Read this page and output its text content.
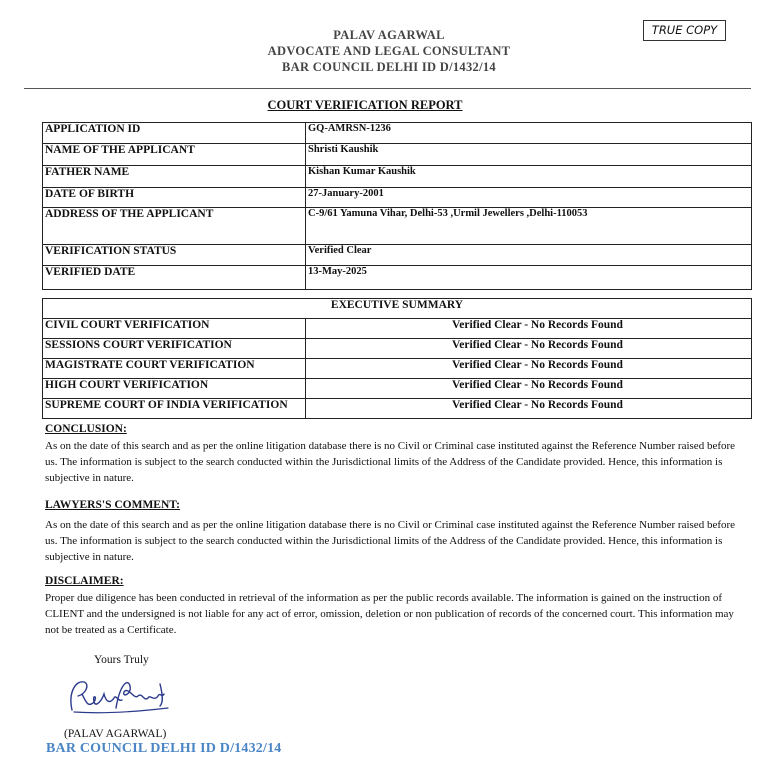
PALAV AGARWAL
ADVOCATE AND LEGAL CONSULTANT
BAR COUNCIL DELHI ID D/1432/14
TRUE COPY
COURT VERIFICATION REPORT
APPLICATION ID	GQ-AMRSN-1236
NAME OF THE APPLICANT	Shristi Kaushik
FATHER NAME	Kishan Kumar Kaushik
DATE OF BIRTH	27-January-2001
ADDRESS OF THE APPLICANT	C-9/61 Yamuna Vihar, Delhi-53 ,Urmil Jewellers ,Delhi-110053
VERIFICATION STATUS	Verified Clear
VERIFIED DATE	13-May-2025
EXECUTIVE SUMMARY	
CIVIL COURT VERIFICATION	Verified Clear - No Records Found
SESSIONS COURT VERIFICATION	Verified Clear - No Records Found
MAGISTRATE COURT VERIFICATION	Verified Clear - No Records Found
HIGH COURT VERIFICATION	Verified Clear - No Records Found
SUPREME COURT OF INDIA VERIFICATION	Verified Clear - No Records Found
CONCLUSION:
As on the date of this search and as per the online litigation database there is no Civil or Criminal case instituted against the Reference Number raised before us. The information is subject to the search conducted within the Jurisdictional limits of the Address of the Candidate provided. Hence, this information is subjective in nature.
LAWYERS'S COMMENT:
As on the date of this search and as per the online litigation database there is no Civil or Criminal case instituted against the Reference Number raised before us. The information is subject to the search conducted within the Jurisdictional limits of the Address of the Candidate provided. Hence, this information is subjective in nature.
DISCLAIMER:
Proper due diligence has been conducted in retrieval of the information as per the public records available. The information is gained on the instruction of CLIENT and the undersigned is not liable for any act of error, omission, deletion or non publication of records of the concerned court. This information may not be treated as a Certificate.
Yours Truly
(PALAV AGARWAL)
BAR COUNCIL DELHI ID D/1432/14
